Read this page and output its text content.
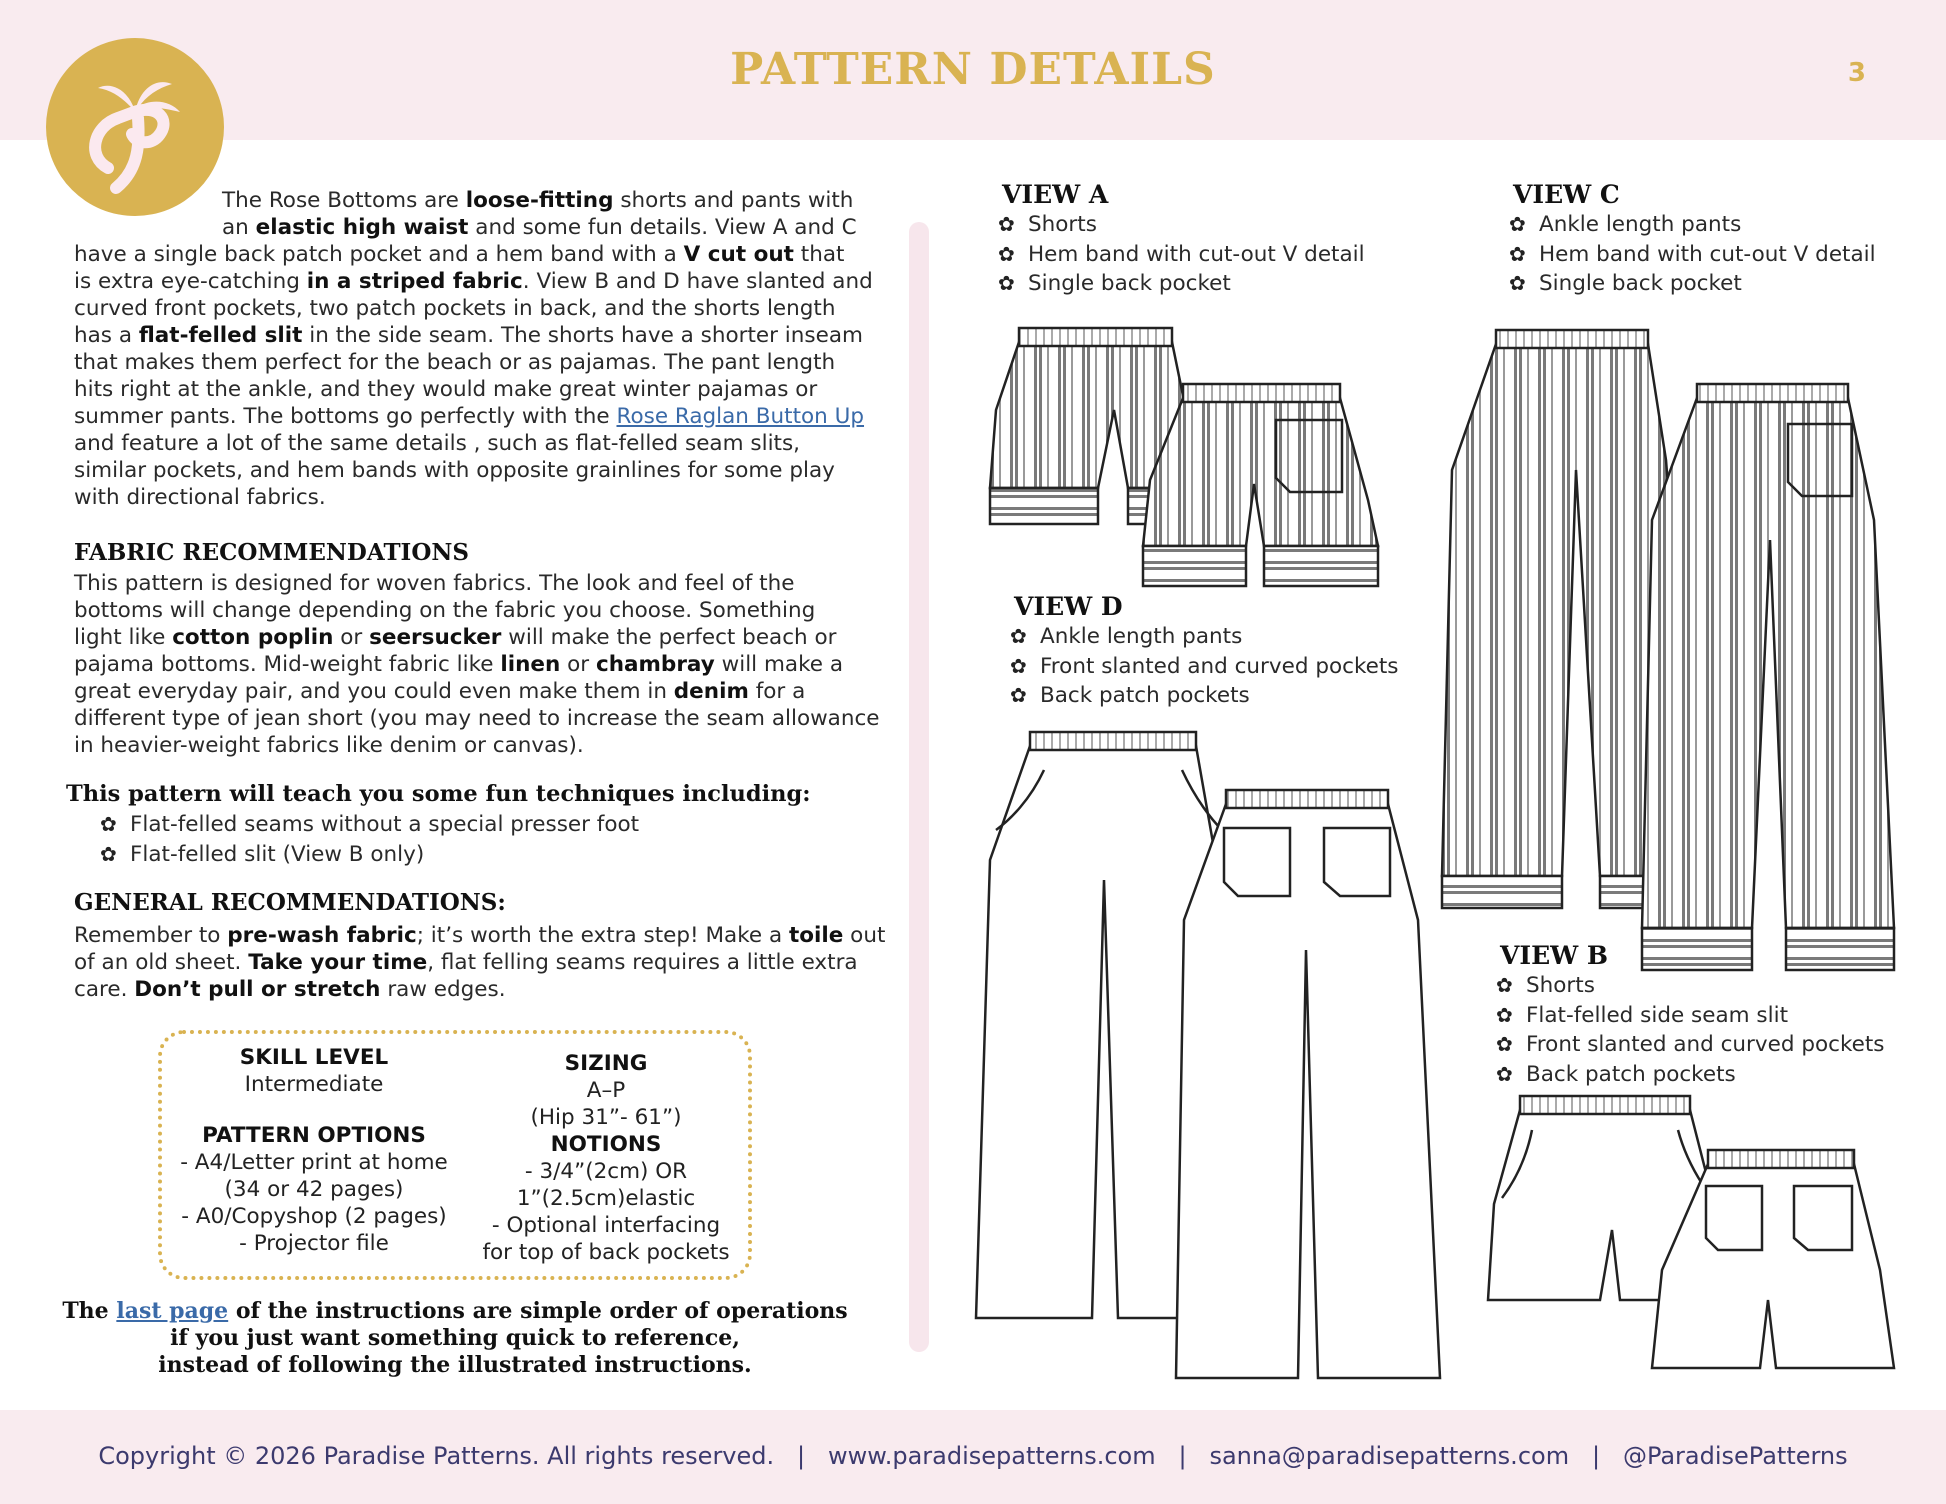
PATTERN DETAILS	3
The Rose Bottoms are loose-fitting shorts and pants with
an elastic high waist and some fun details. View A and C
have a single back patch pocket and a hem band with a V cut out that
is extra eye-catching in a striped fabric. View B and D have slanted and
curved front pockets, two patch pockets in back, and the shorts length
has a flat-felled slit in the side seam. The shorts have a shorter inseam
that makes them perfect for the beach or as pajamas. The pant length
hits right at the ankle, and they would make great winter pajamas or
summer pants. The bottoms go perfectly with the Rose Raglan Button Up
and feature a lot of the same details , such as flat-felled seam slits,
similar pockets, and hem bands with opposite grainlines for some play
with directional fabrics.
FABRIC RECOMMENDATIONS
This pattern is designed for woven fabrics. The look and feel of the
bottoms will change depending on the fabric you choose. Something
light like cotton poplin or seersucker will make the perfect beach or
pajama bottoms. Mid-weight fabric like linen or chambray will make a
great everyday pair, and you could even make them in denim for a
different type of jean short (you may need to increase the seam allowance
in heavier-weight fabrics like denim or canvas).
This pattern will teach you some fun techniques including:
✿ Flat-felled seams without a special presser foot
✿ Flat-felled slit (View B only)
GENERAL RECOMMENDATIONS:
Remember to pre-wash fabric; it’s worth the extra step! Make a toile out
of an old sheet. Take your time, flat felling seams requires a little extra
care. Don’t pull or stretch raw edges.
SKILL LEVEL
Intermediate
PATTERN OPTIONS
- A4/Letter print at home
(34 or 42 pages)
- A0/Copyshop (2 pages)
- Projector file
SIZING
A–P
(Hip 31”- 61”)
NOTIONS
- 3/4”(2cm) OR
1”(2.5cm)elastic
- Optional interfacing
for top of back pockets
The last page of the instructions are simple order of operations
if you just want something quick to reference,
instead of following the illustrated instructions.
VIEW A
✿ Shorts
✿ Hem band with cut-out V detail
✿ Single back pocket
VIEW C
✿ Ankle length pants
✿ Hem band with cut-out V detail
✿ Single back pocket
VIEW D
✿ Ankle length pants
✿ Front slanted and curved pockets
✿ Back patch pockets
VIEW B
✿ Shorts
✿ Flat-felled side seam slit
✿ Front slanted and curved pockets
✿ Back patch pockets
Copyright © 2026 Paradise Patterns. All rights reserved. | www.paradisepatterns.com | sanna@paradisepatterns.com | @ParadisePatterns
